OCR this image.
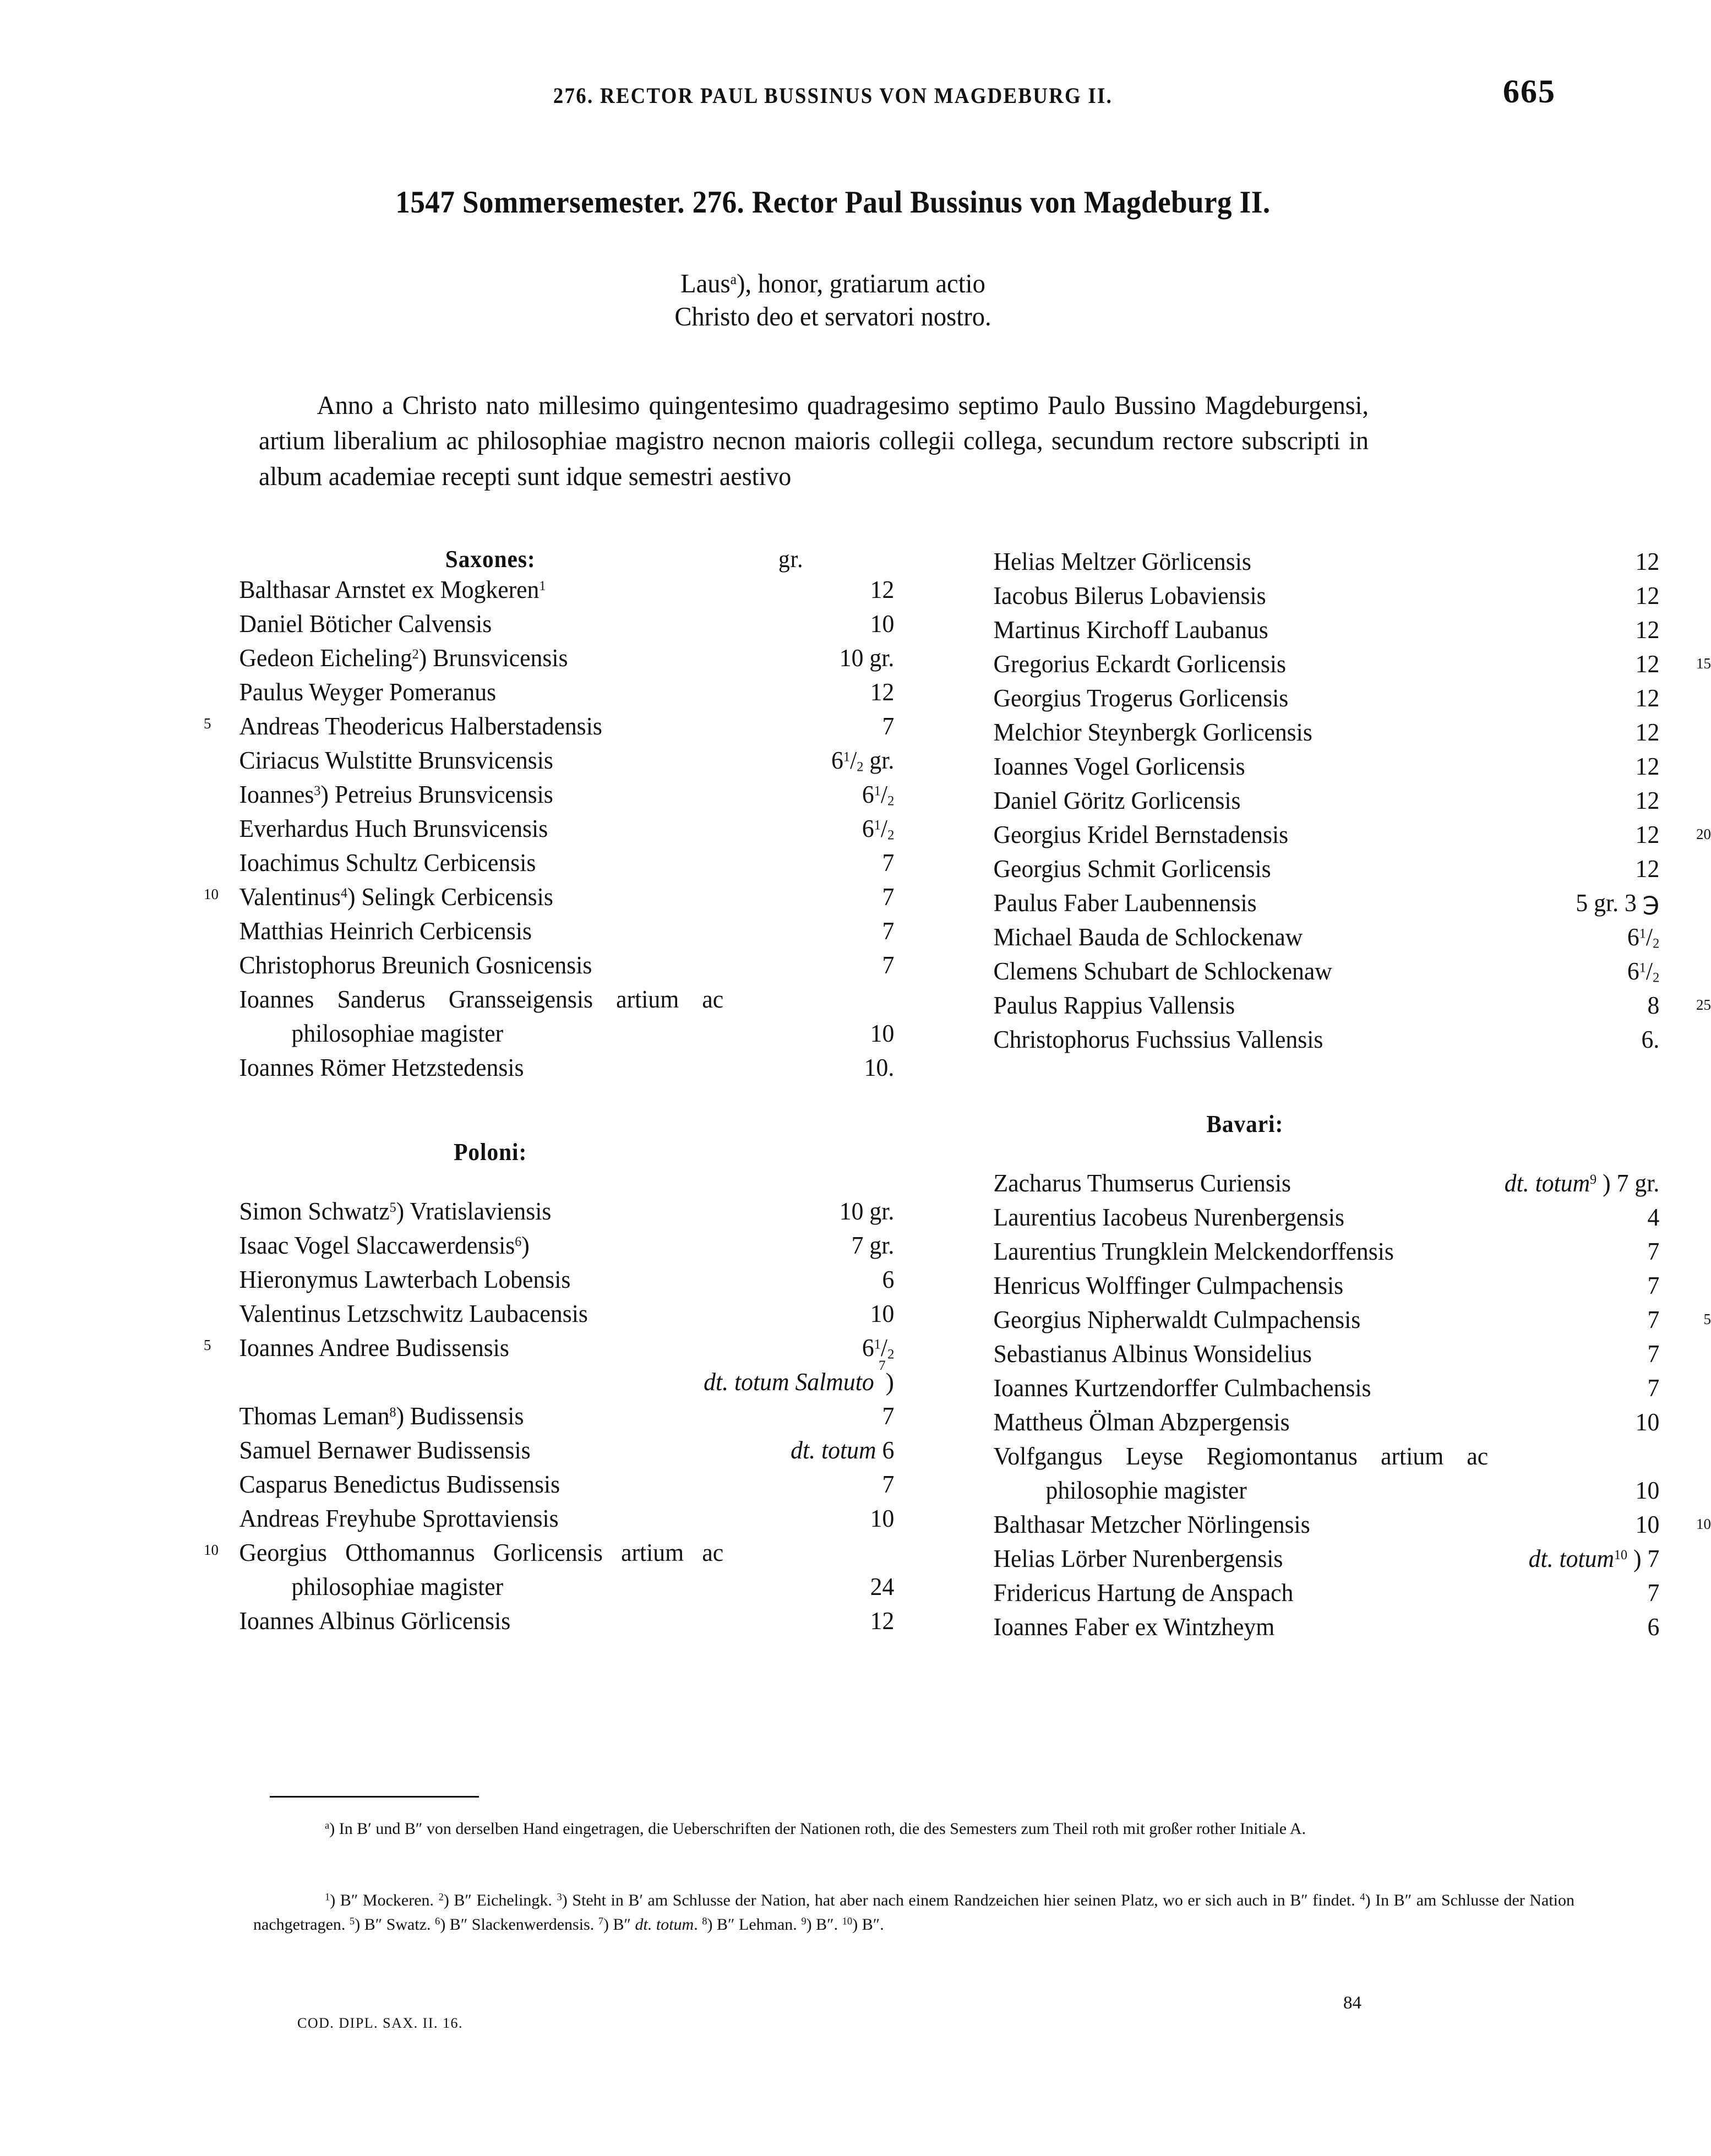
276. RECTOR PAUL BUSSINUS VON MAGDEBURG II.	665
1547 Sommersemester. 276. Rector Paul Bussinus von Magdeburg II.
Laus$^a$), honor, gratiarum actio
Christo deo et servatori nostro.
Anno a Christo nato millesimo quingentesimo quadragesimo septimo Paulo Bussino Magdeburgensi, artium liberalium ac philosophiae magistro necnon maioris collegii collega, secundum rectore subscripti in album academiae recepti sunt idque semestri aestivo
Saxones:	gr.
Balthasar Arnstet ex Mogkeren$^1$	12
Daniel Böticher Calvensis	10
Gedeon Eicheling$^2$) Brunsvicensis	10 gr.
Paulus Weyger Pomeranus	12
5	Andreas Theodericus Halberstadensis	7
Ciriacus Wulstitte Brunsvicensis	$6^1/_2$ gr.
Ioannes$^3$) Petreius Brunsvicensis	$6^1/_2$
Everhardus Huch Brunsvicensis	$6^1/_2$
Ioachimus Schultz Cerbicensis	7
10 Valentinus$^4$) Selingk Cerbicensis	7
Matthias Heinrich Cerbicensis	7
Christophorus Breunich Gosnicensis	7
Ioannes Sanderus Gransseigensis artium ac
philosophiae magister	10
Ioannes Römer Hetzstedensis	10.
Poloni:
Simon Schwatz$^5$) Vratislaviensis	10 gr.
Isaac Vogel Slaccawerdensis$^6$)	7 gr.
Hieronymus Lawterbach Lobensis	6
Valentinus Letzschwitz Laubacensis	10
5	Ioannes Andree Budissensis	$6^1/_2$
dt. totum Salmuto
7
)
Thomas Leman$^8$) Budissensis	7
Samuel Bernawer Budissensis	dt. totum 6
Casparus Benedictus Budissensis	7
Andreas Freyhube Sprottaviensis	10
10 Georgius Otthomannus Gorlicensis artium ac
philosophiae magister	24
Ioannes Albinus Görlicensis	12
Helias Meltzer Görlicensis	12
Iacobus Bilerus Lobaviensis	12
Martinus Kirchoff Laubanus	12
Gregorius Eckardt Gorlicensis	12 15
Georgius Trogerus Gorlicensis	12
Melchior Steynbergk Gorlicensis	12
Ioannes Vogel Gorlicensis	12
Daniel Göritz Gorlicensis	12
Georgius Kridel Bernstadensis	12 20
Georgius Schmit Gorlicensis	12
Paulus Faber Laubennensis	5 gr. 3 ℈
Michael Bauda de Schlockenaw	$6^1/_2$
Clemens Schubart de Schlockenaw	$6^1/_2$
Paulus Rappius Vallensis	8 25
Christophorus Fuchssius Vallensis	6.
Bavari:
Zacharus Thumserus Curiensis	dt. totum$^9$ ) 7 gr.
Laurentius Iacobeus Nurenbergensis	4
Laurentius Trungklein Melckendorffensis	7
Henricus Wolffinger Culmpachensis	7
Georgius Nipherwaldt Culmpachensis	7	5
Sebastianus Albinus Wonsidelius	7
Ioannes Kurtzendorffer Culmbachensis	7
Mattheus Ölman Abzpergensis	10
Volfgangus Leyse Regiomontanus artium ac
philosophie magister	10
Balthasar Metzcher Nörlingensis	10 10
Helias Lörber Nurenbergensis	dt. totum$^{10}$ ) 7
Fridericus Hartung de Anspach	7
Ioannes Faber ex Wintzheym	6
$^a$) In B′ und B″ von derselben Hand eingetragen, die Ueberschriften der Nationen roth, die des Semesters zum Theil roth mit großer rother Initiale A.
$^1$) B″ Mockeren. $^2$) B″ Eichelingk. $^3$) Steht in B′ am Schlusse der Nation, hat aber nach einem Randzeichen hier seinen Platz, wo er sich auch in B″ findet. $^4$) In B″ am Schlusse der Nation nachgetragen. $^5$) B″ Swatz. $^6$) B″ Slackenwerdensis. $^7$) B″ dt. totum. $^8$) B″ Lehman. $^9$) B″. $^{10}$) B″.
COD. DIPL. SAX. II. 16.
84
